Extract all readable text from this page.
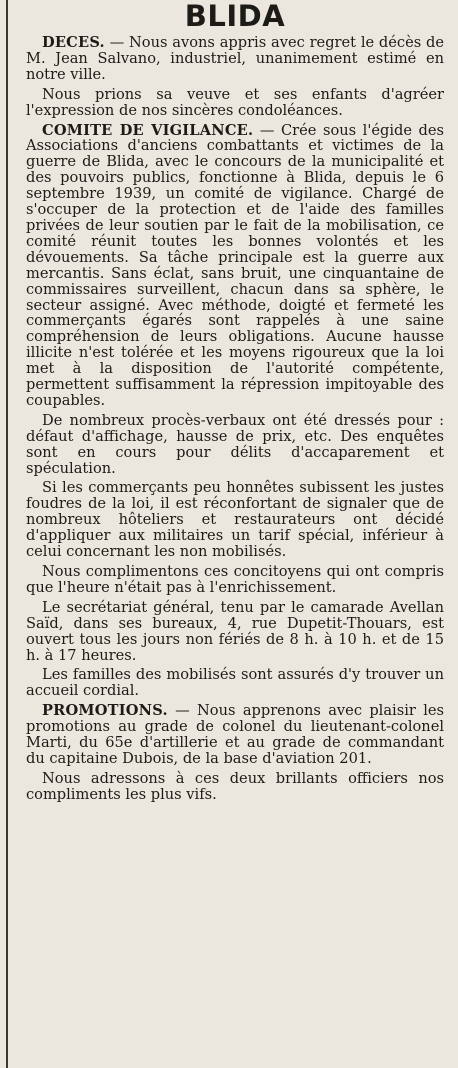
BLIDA

DECES. — Nous avons appris avec regret le décès de M. Jean Salvano, industriel, unanimement estimé en notre ville.

Nous prions sa veuve et ses enfants d'agréer l'expression de nos sincères condoléances.

COMITE DE VIGILANCE. — Crée sous l'égide des Associations d'anciens combattants et victimes de la guerre de Blida, avec le concours de la municipalité et des pouvoirs publics, fonctionne à Blida, depuis le 6 septembre 1939, un comité de vigilance. Chargé de s'occuper de la protection et de l'aide des familles privées de leur soutien par le fait de la mobilisation, ce comité réunit toutes les bonnes volontés et les dévouements. Sa tâche principale est la guerre aux mercantis. Sans éclat, sans bruit, une cinquantaine de commissaires surveillent, chacun dans sa sphère, le secteur assigné. Avec méthode, doigté et fermeté les commerçants égarés sont rappelés à une saine compréhension de leurs obligations. Aucune hausse illicite n'est tolérée et les moyens rigoureux que la loi met à la disposition de l'autorité compétente, permettent suffisamment la répression impitoyable des coupables.

De nombreux procès-verbaux ont été dressés pour : défaut d'affichage, hausse de prix, etc. Des enquêtes sont en cours pour délits d'accaparement et spéculation.

Si les commerçants peu honnêtes subissent les justes foudres de la loi, il est réconfortant de signaler que de nombreux hôteliers et restaurateurs ont décidé d'appliquer aux militaires un tarif spécial, inférieur à celui concernant les non mobilisés.

Nous complimentons ces concitoyens qui ont compris que l'heure n'était pas à l'enrichissement.

Le secrétariat général, tenu par le camarade Avellan Saïd, dans ses bureaux, 4, rue Dupetit-Thouars, est ouvert tous les jours non fériés de 8 h. à 10 h. et de 15 h. à 17 heures.

Les familles des mobilisés sont assurés d'y trouver un accueil cordial.

PROMOTIONS. — Nous apprenons avec plaisir les promotions au grade de colonel du lieutenant-colonel Marti, du 65e d'artillerie et au grade de commandant du capitaine Dubois, de la base d'aviation 201.

Nous adressons à ces deux brillants officiers nos compliments les plus vifs.
